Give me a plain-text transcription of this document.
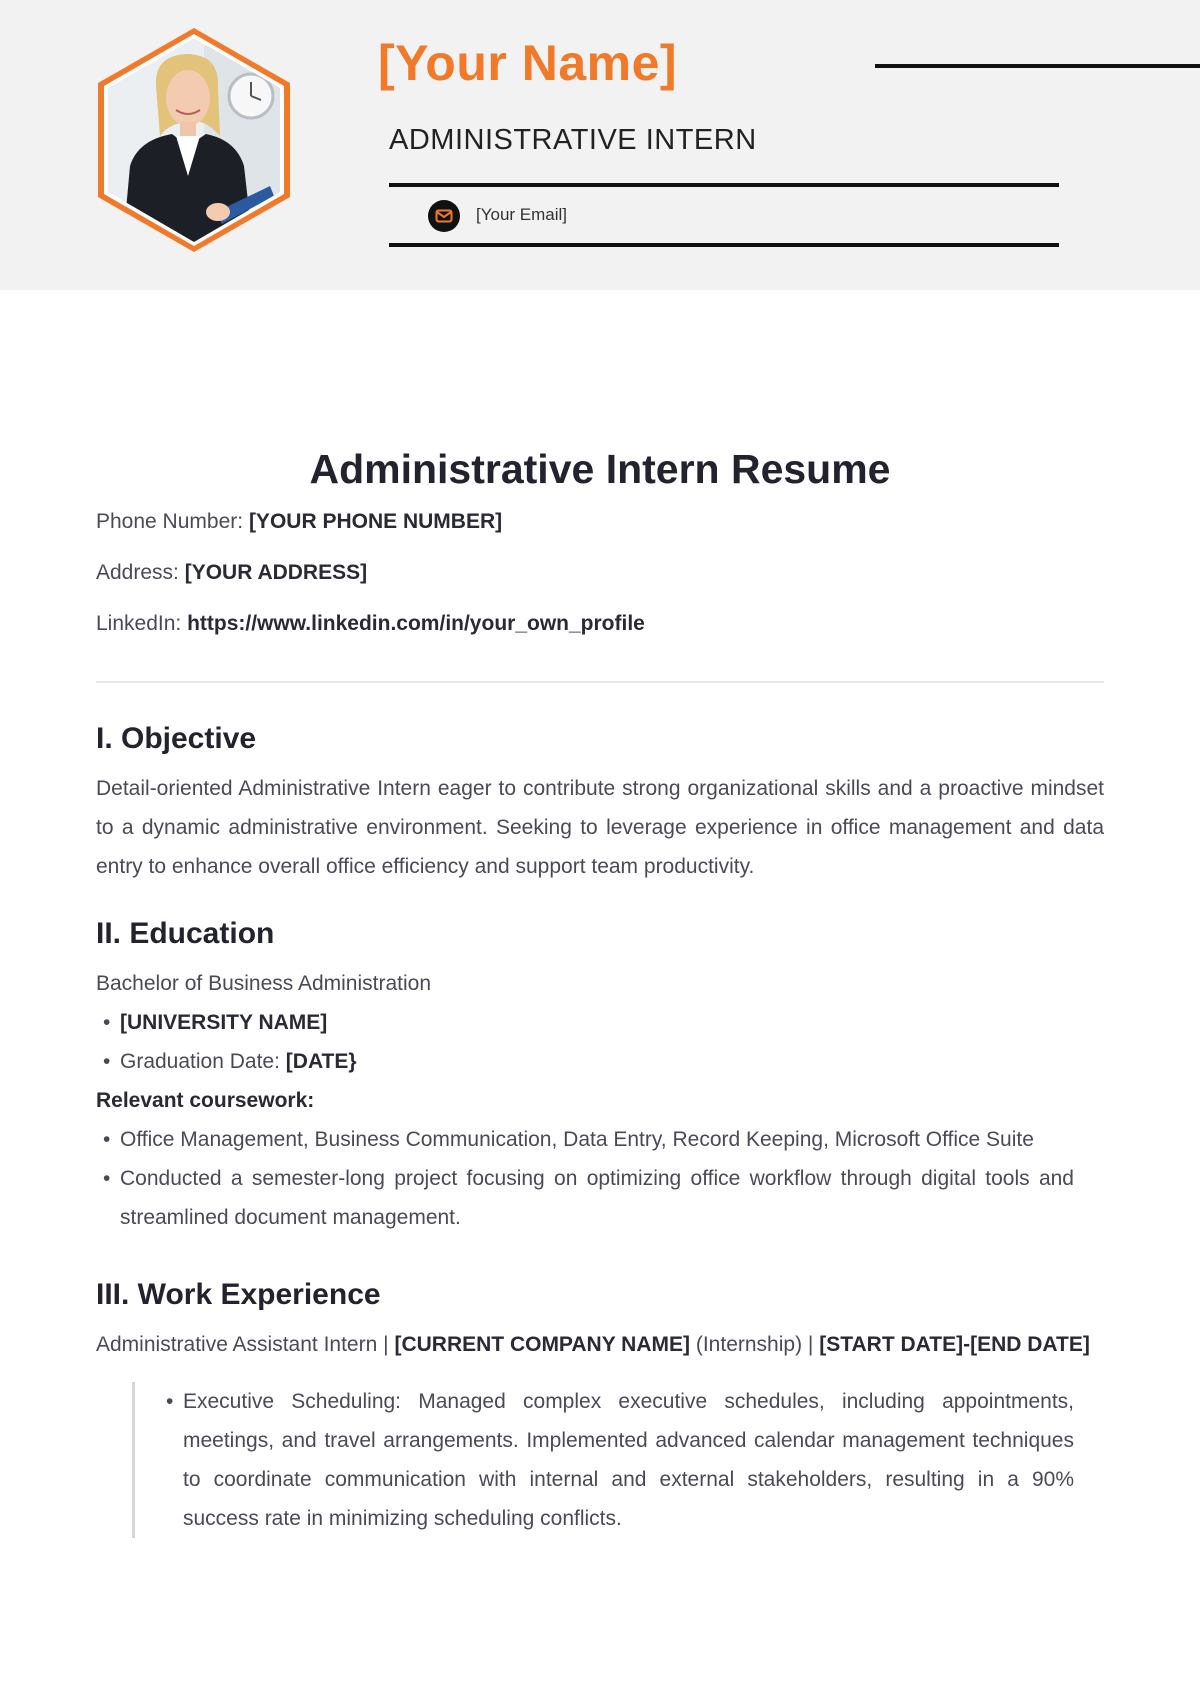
[Your Name]
ADMINISTRATIVE INTERN
[Your Email]
Administrative Intern Resume
Phone Number: [YOUR PHONE NUMBER]
Address: [YOUR ADDRESS]
LinkedIn: https://www.linkedin.com/in/your_own_profile
I. Objective

Detail-oriented Administrative Intern eager to contribute strong organizational skills and a proactive mindset to a dynamic administrative environment. Seeking to leverage experience in office management and data entry to enhance overall office efficiency and support team productivity.

II. Education
Bachelor of Business Administration
• [UNIVERSITY NAME]
• Graduation Date: [DATE}
Relevant coursework:
• Office Management, Business Communication, Data Entry, Record Keeping, Microsoft Office Suite
• Conducted a semester-long project focusing on optimizing office workflow through digital tools and streamlined document management.
III. Work Experience
Administrative Assistant Intern | [CURRENT COMPANY NAME] (Internship) | [START DATE]-[END DATE]
• Executive Scheduling: Managed complex executive schedules, including appointments, meetings, and travel arrangements. Implemented advanced calendar management techniques to coordinate communication with internal and external stakeholders, resulting in a 90% success rate in minimizing scheduling conflicts.
